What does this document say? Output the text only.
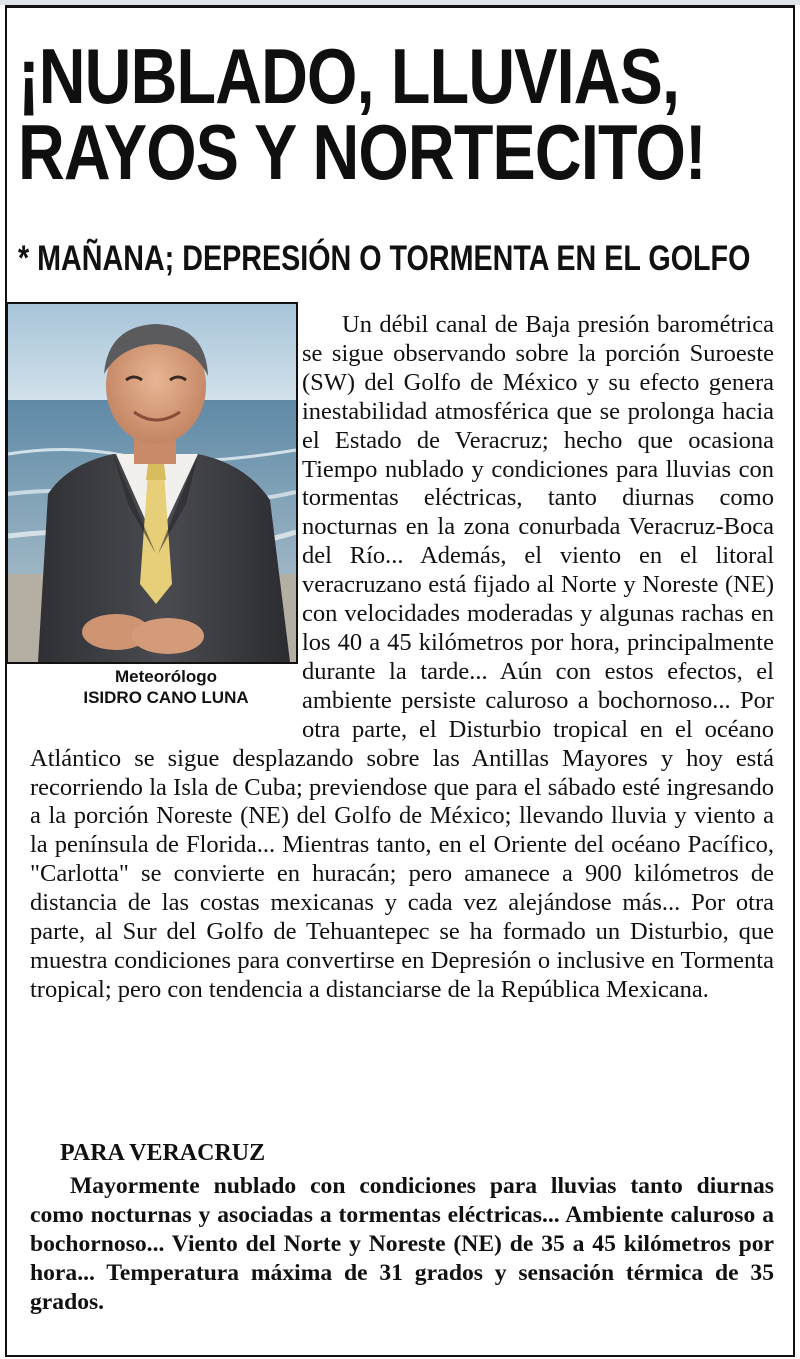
¡NUBLADO, LLUVIAS,
RAYOS Y NORTECITO!
* MAÑANA; DEPRESIÓN O TORMENTA EN EL GOLFO
Meteorólogo
ISIDRO CANO LUNA

Un débil canal de Baja presión barométrica se sigue observando sobre la porción Suroeste (SW) del Golfo de México y su efecto genera inestabilidad atmosférica que se prolonga hacia el Estado de Veracruz; hecho que ocasiona Tiempo nublado y condiciones para lluvias con tormentas eléctricas, tanto diurnas como nocturnas en la zona conurbada Veracruz-Boca del Río... Además, el viento en el litoral veracruzano está fijado al Norte y Noreste (NE) con velocidades moderadas y algunas rachas en los 40 a 45 kilómetros por hora, principalmente durante la tarde... Aún con estos efectos, el ambiente persiste caluroso a bochornoso... Por otra parte, el Disturbio tropical en el océano Atlántico se sigue desplazando sobre las Antillas Mayores y hoy está recorriendo la Isla de Cuba; previendose que para el sábado esté ingresando a la porción Noreste (NE) del Golfo de México; llevando lluvia y viento a la península de Florida... Mientras tanto, en el Oriente del océano Pacífico, "Carlotta" se convierte en huracán; pero amanece a 900 kilómetros de distancia de las costas mexicanas y cada vez alejándose más... Por otra parte, al Sur del Golfo de Tehuantepec se ha formado un Disturbio, que muestra condiciones para convertirse en Depresión o inclusive en Tormenta tropical; pero con tendencia a distanciarse de la República Mexicana.

PARA VERACRUZ

Mayormente nublado con condiciones para lluvias tanto diurnas como nocturnas y asociadas a tormentas eléctricas... Ambiente caluroso a bochornoso... Viento del Norte y Noreste (NE) de 35 a 45 kilómetros por hora... Temperatura máxima de 31 grados y sensación térmica de 35 grados.
